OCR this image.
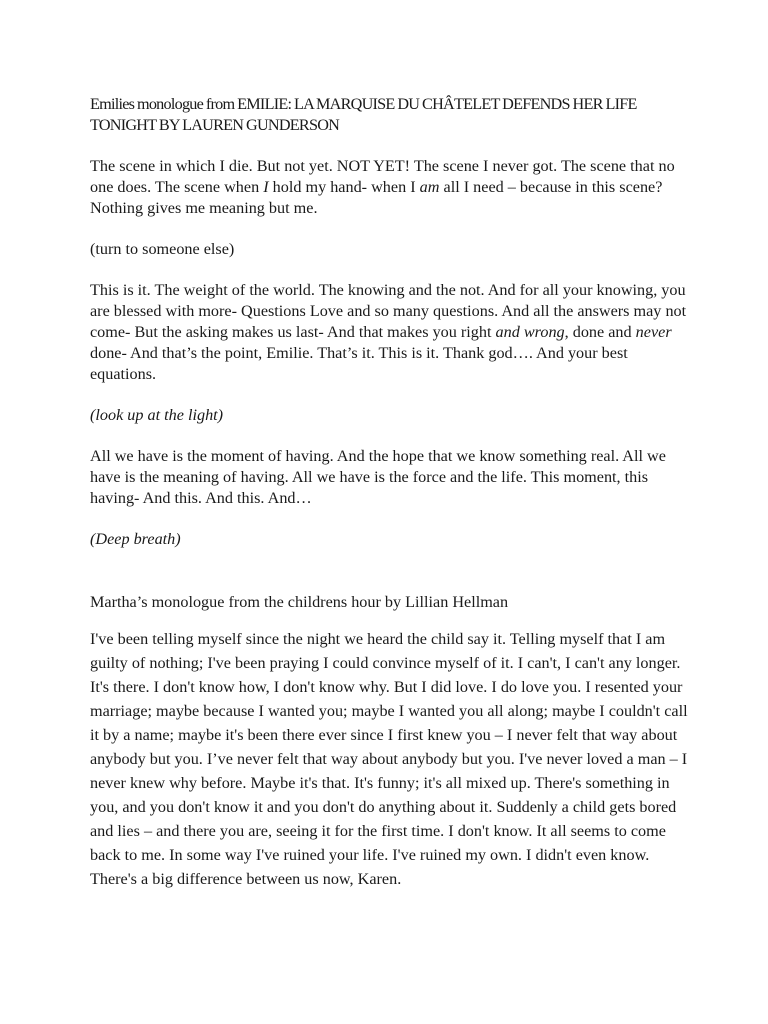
Emilies monologue from EMILIE: LA MARQUISE DU CHÂTELET DEFENDS HER LIFE TONIGHT BY LAUREN GUNDERSON

The scene in which I die. But not yet. NOT YET! The scene I never got. The scene that no one does. The scene when I hold my hand- when I am all I need – because in this scene? Nothing gives me meaning but me.

(turn to someone else)

This is it. The weight of the world. The knowing and the not. And for all your knowing, you are blessed with more- Questions Love and so many questions. And all the answers may not come- But the asking makes us last- And that makes you right and wrong, done and never done- And that’s the point, Emilie. That’s it. This is it. Thank god…. And your best equations.

(look up at the light)

All we have is the moment of having. And the hope that we know something real. All we have is the meaning of having. All we have is the force and the life. This moment, this having- And this. And this. And…

(Deep breath)

Martha’s monologue from the childrens hour by Lillian Hellman

I've been telling myself since the night we heard the child say it. Telling myself that I am guilty of nothing; I've been praying I could convince myself of it. I can't, I can't any longer. It's there. I don't know how, I don't know why. But I did love. I do love you. I resented your marriage; maybe because I wanted you; maybe I wanted you all along; maybe I couldn't call it by a name; maybe it's been there ever since I first knew you – I never felt that way about anybody but you. I’ve never felt that way about anybody but you. I've never loved a man – I never knew why before. Maybe it's that. It's funny; it's all mixed up. There's something in you, and you don't know it and you don't do anything about it. Suddenly a child gets bored and lies – and there you are, seeing it for the first time. I don't know. It all seems to come back to me. In some way I've ruined your life. I've ruined my own. I didn't even know. There's a big difference between us now, Karen.
